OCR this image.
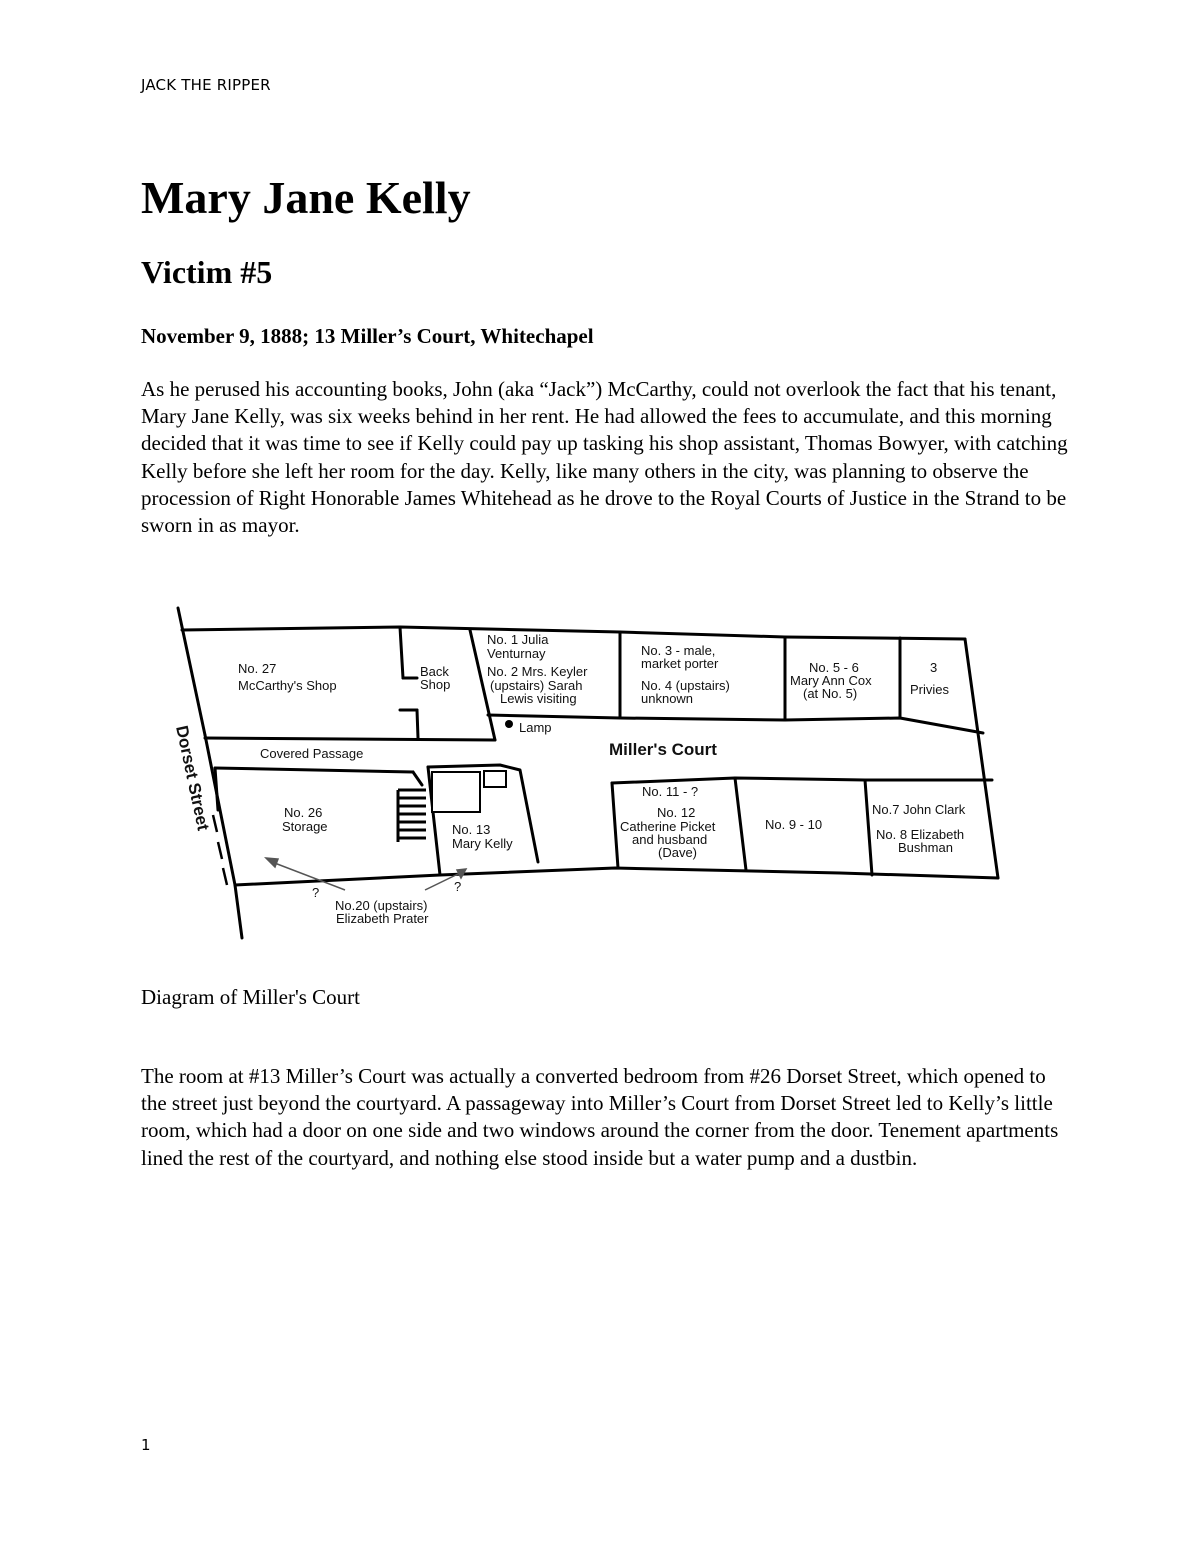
JACK THE RIPPER
Mary Jane Kelly
Victim #5
November 9, 1888; 13 Miller’s Court, Whitechapel

As he perused his accounting books, John (aka “Jack”) McCarthy, could not overlook the fact that his tenant, Mary Jane Kelly, was six weeks behind in her rent. He had allowed the fees to accumulate, and this morning decided that it was time to see if Kelly could pay up tasking his shop assistant, Thomas Bowyer, with catching Kelly before she left her room for the day. Kelly, like many others in the city, was planning to observe the procession of Right Honorable James Whitehead as he drove to the Royal Courts of Justice in the Strand to be sworn in as mayor.

Dorset Street
No. 27
McCarthy's Shop
Back
Shop
No. 1 Julia
Venturnay
No. 2 Mrs. Keyler
(upstairs) Sarah
Lewis visiting
No. 3 - male,
market porter
No. 4 (upstairs)
unknown
No. 5 - 6
Mary Ann Cox
(at No. 5)
3
Privies
Lamp
Covered Passage	Miller's Court
No. 26
Storage	No. 13
Mary Kelly
No. 11 - ?
No. 12
Catherine Picket
and husband
(Dave)
No. 9 - 10
No.7 John Clark
No. 8 Elizabeth
Bushman
?	?
No.20 (upstairs)
Elizabeth Prater

Diagram of Miller's Court

The room at #13 Miller’s Court was actually a converted bedroom from #26 Dorset Street, which opened to the street just beyond the courtyard. A passageway into Miller’s Court from Dorset Street led to Kelly’s little room, which had a door on one side and two windows around the corner from the door. Tenement apartments lined the rest of the courtyard, and nothing else stood inside but a water pump and a dustbin.

1
